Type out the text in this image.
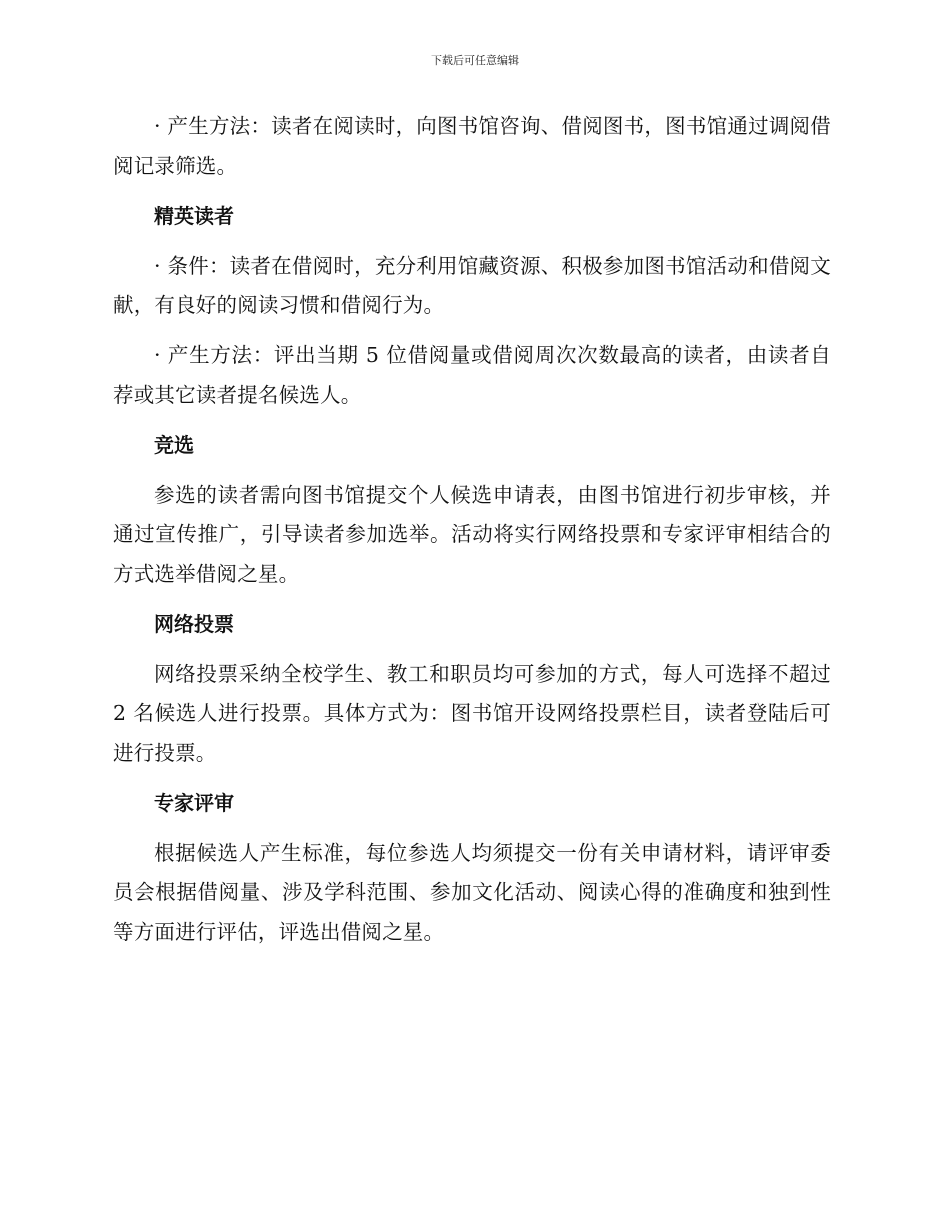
下载后可任意编辑

· 产生方法：读者在阅读时，向图书馆咨询、借阅图书，图书馆通过调阅借阅记录筛选。

精英读者

· 条件：读者在借阅时，充分利用馆藏资源、积极参加图书馆活动和借阅文献，有良好的阅读习惯和借阅行为。

· 产生方法：评出当期 5 位借阅量或借阅周次次数最高的读者，由读者自荐或其它读者提名候选人。

竞选

参选的读者需向图书馆提交个人候选申请表，由图书馆进行初步审核，并通过宣传推广，引导读者参加选举。活动将实行网络投票和专家评审相结合的方式选举借阅之星。

网络投票

网络投票采纳全校学生、教工和职员均可参加的方式，每人可选择不超过 2 名候选人进行投票。具体方式为：图书馆开设网络投票栏目，读者登陆后可进行投票。

专家评审

根据候选人产生标准，每位参选人均须提交一份有关申请材料，请评审委员会根据借阅量、涉及学科范围、参加文化活动、阅读心得的准确度和独到性等方面进行评估，评选出借阅之星。
